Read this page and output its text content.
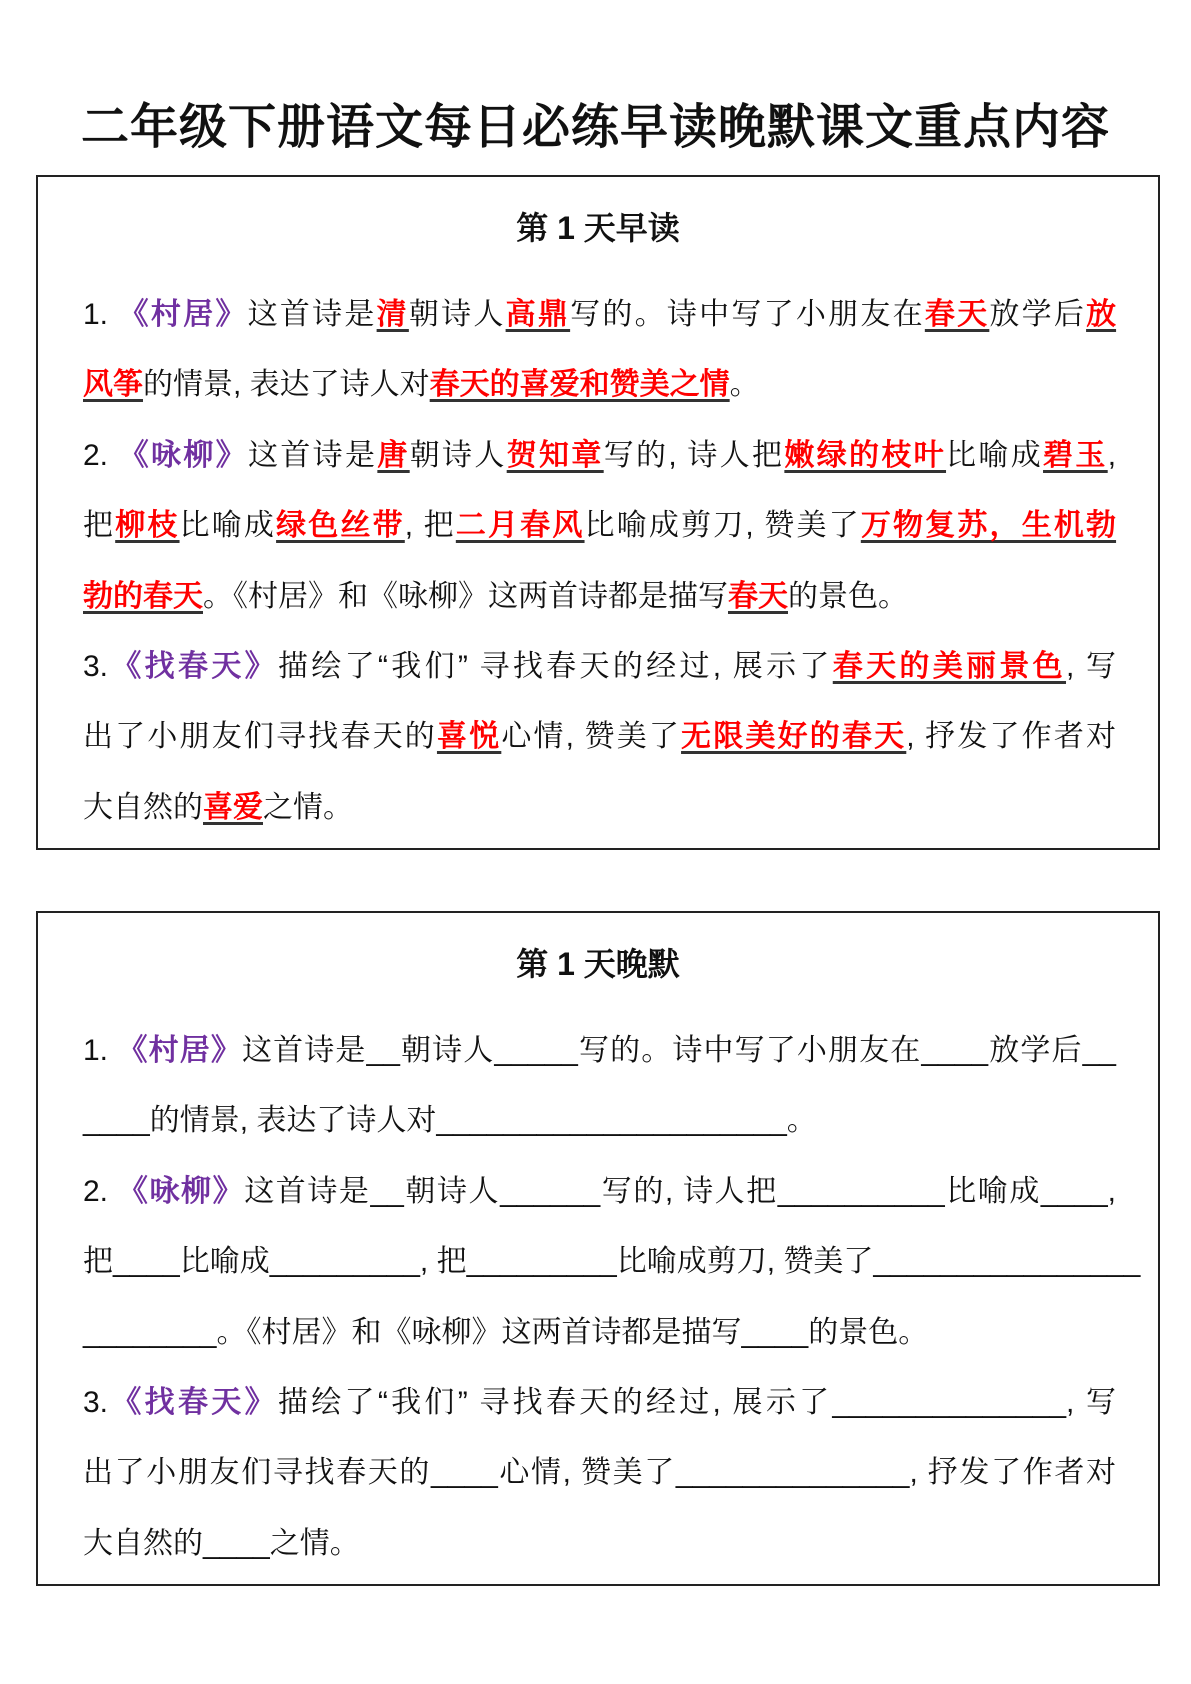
二年级下册语文每日必练早读晚默课文重点内容
第 1 天早读
1. 《村居》这首诗是清朝诗人高鼎写的。诗中写了小朋友在春天放学后放
风筝的情景, 表达了诗人对春天的喜爱和赞美之情。
2. 《咏柳》这首诗是唐朝诗人贺知章写的, 诗人把嫩绿的枝叶比喻成碧玉,
把柳枝比喻成绿色丝带, 把二月春风比喻成剪刀, 赞美了万物复苏，生机勃
勃的春天。《村居》和《咏柳》这两首诗都是描写春天的景色。
3.《找春天》描绘了“我们” 寻找春天的经过, 展示了春天的美丽景色, 写
出了小朋友们寻找春天的喜悦心情, 赞美了无限美好的春天, 抒发了作者对
大自然的喜爱之情。
第 1 天晚默
1. 《村居》这首诗是__朝诗人_____写的。诗中写了小朋友在____放学后__
____的情景, 表达了诗人对_____________________。
2. 《咏柳》这首诗是__朝诗人______写的, 诗人把__________比喻成____,
把____比喻成_________, 把_________比喻成剪刀, 赞美了________________
________。《村居》和《咏柳》这两首诗都是描写____的景色。
3.《找春天》描绘了“我们” 寻找春天的经过, 展示了______________, 写
出了小朋友们寻找春天的____心情, 赞美了______________, 抒发了作者对
大自然的____之情。
